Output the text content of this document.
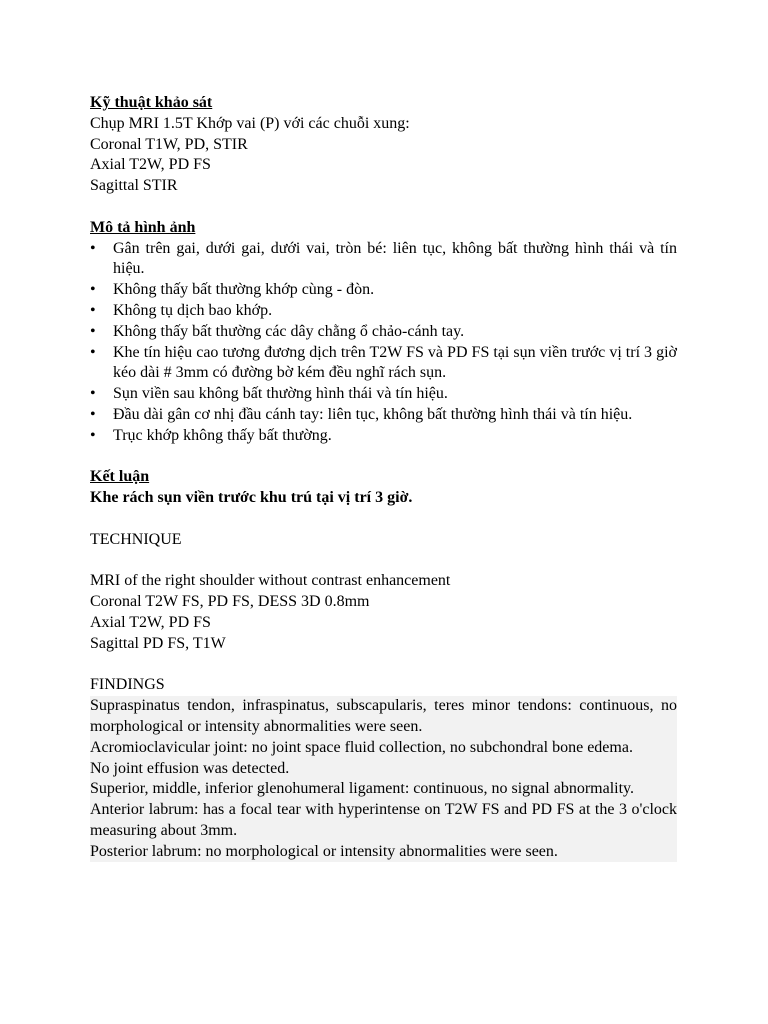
Kỹ thuật khảo sát
Chụp MRI 1.5T Khớp vai (P) với các chuỗi xung:
Coronal T1W, PD, STIR
Axial T2W, PD FS
Sagittal STIR
Mô tả hình ảnh
• Gân trên gai, dưới gai, dưới vai, tròn bé: liên tục, không bất thường hình thái và tín hiệu.
• Không thấy bất thường khớp cùng - đòn.
• Không tụ dịch bao khớp.
• Không thấy bất thường các dây chằng ổ chảo-cánh tay.
• Khe tín hiệu cao tương đương dịch trên T2W FS và PD FS tại sụn viền trước vị trí 3 giờ kéo dài # 3mm có đường bờ kém đều nghĩ rách sụn.
• Sụn viền sau không bất thường hình thái và tín hiệu.
• Đầu dài gân cơ nhị đầu cánh tay: liên tục, không bất thường hình thái và tín hiệu.
• Trục khớp không thấy bất thường.
Kết luận
Khe rách sụn viền trước khu trú tại vị trí 3 giờ.
TECHNIQUE
MRI of the right shoulder without contrast enhancement
Coronal T2W FS, PD FS, DESS 3D 0.8mm
Axial T2W, PD FS
Sagittal PD FS, T1W
FINDINGS

Supraspinatus tendon, infraspinatus, subscapularis, teres minor tendons: continuous, no morphological or intensity abnormalities were seen.

Acromioclavicular joint: no joint space fluid collection, no subchondral bone edema.

No joint effusion was detected.

Superior, middle, inferior glenohumeral ligament: continuous, no signal abnormality.

Anterior labrum: has a focal tear with hyperintense on T2W FS and PD FS at the 3 o'clock measuring about 3mm.

Posterior labrum: no morphological or intensity abnormalities were seen.
